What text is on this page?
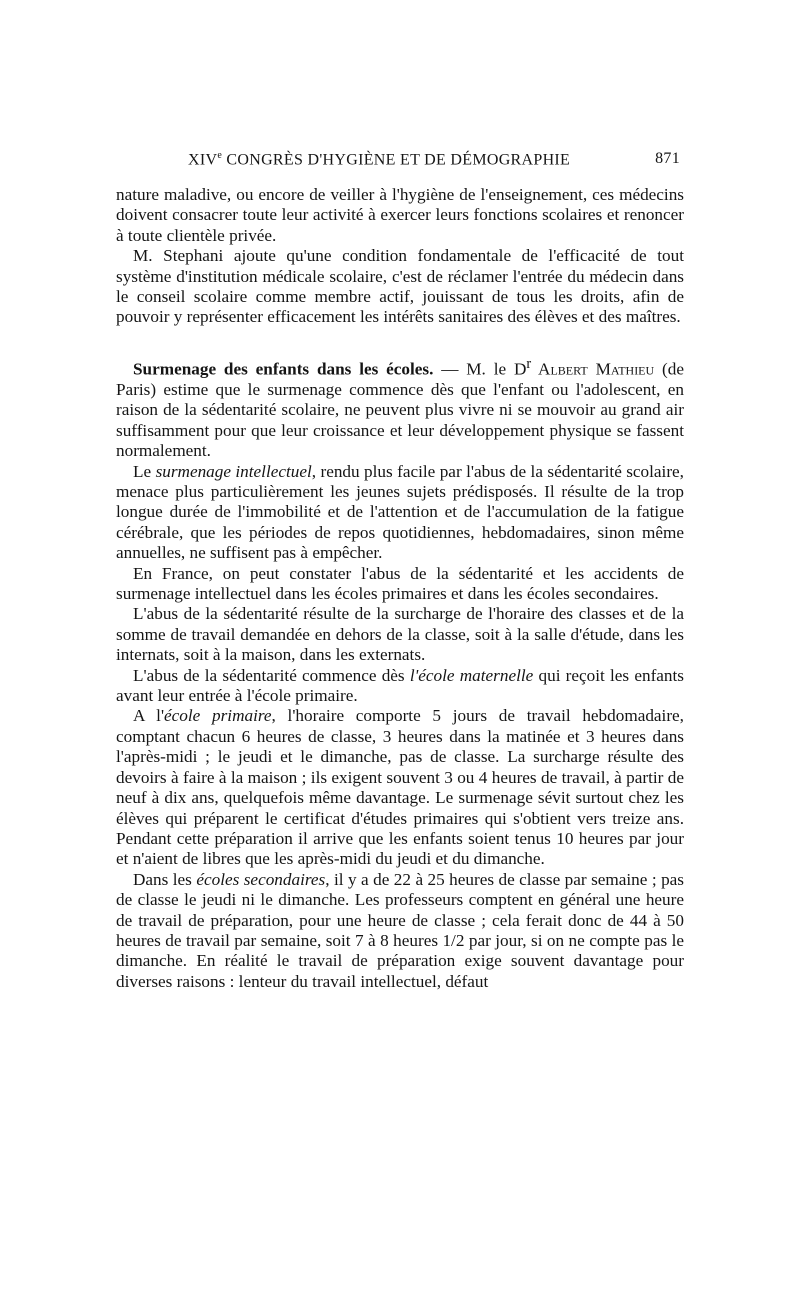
XIVe CONGRÈS D'HYGIÈNE ET DE DÉMOGRAPHIE	871

nature maladive, ou encore de veiller à l'hygiène de l'enseignement, ces médecins doivent consacrer toute leur activité à exercer leurs fonctions scolaires et renoncer à toute clientèle privée.

M. Stephani ajoute qu'une condition fondamentale de l'efficacité de tout système d'institution médicale scolaire, c'est de réclamer l'entrée du médecin dans le conseil scolaire comme membre actif, jouissant de tous les droits, afin de pouvoir y représenter efficacement les intérêts sanitaires des élèves et des maîtres.

Surmenage des enfants dans les écoles. — M. le $D^r$ Albert Mathieu (de Paris) estime que le surmenage commence dès que l'enfant ou l'adolescent, en raison de la sédentarité scolaire, ne peuvent plus vivre ni se mouvoir au grand air suffisamment pour que leur croissance et leur développement physique se fassent normalement.

Le surmenage intellectuel, rendu plus facile par l'abus de la sédentarité scolaire, menace plus particulièrement les jeunes sujets prédisposés. Il résulte de la trop longue durée de l'immobilité et de l'attention et de l'accumulation de la fatigue cérébrale, que les périodes de repos quotidiennes, hebdomadaires, sinon même annuelles, ne suffisent pas à empêcher.

En France, on peut constater l'abus de la sédentarité et les accidents de surmenage intellectuel dans les écoles primaires et dans les écoles secondaires.

L'abus de la sédentarité résulte de la surcharge de l'horaire des classes et de la somme de travail demandée en dehors de la classe, soit à la salle d'étude, dans les internats, soit à la maison, dans les externats.

L'abus de la sédentarité commence dès l'école maternelle qui reçoit les enfants avant leur entrée à l'école primaire.

A l'école primaire, l'horaire comporte 5 jours de travail hebdomadaire, comptant chacun 6 heures de classe, 3 heures dans la matinée et 3 heures dans l'après-midi ; le jeudi et le dimanche, pas de classe. La surcharge résulte des devoirs à faire à la maison ; ils exigent souvent 3 ou 4 heures de travail, à partir de neuf à dix ans, quelquefois même davantage. Le surmenage sévit surtout chez les élèves qui préparent le certificat d'études primaires qui s'obtient vers treize ans. Pendant cette préparation il arrive que les enfants soient tenus 10 heures par jour et n'aient de libres que les après-midi du jeudi et du dimanche.

Dans les écoles secondaires, il y a de 22 à 25 heures de classe par semaine ; pas de classe le jeudi ni le dimanche. Les professeurs comptent en général une heure de travail de préparation, pour une heure de classe ; cela ferait donc de 44 à 50 heures de travail par semaine, soit 7 à 8 heures 1/2 par jour, si on ne compte pas le dimanche. En réalité le travail de préparation exige souvent davantage pour diverses raisons : lenteur du travail intellectuel, défaut
